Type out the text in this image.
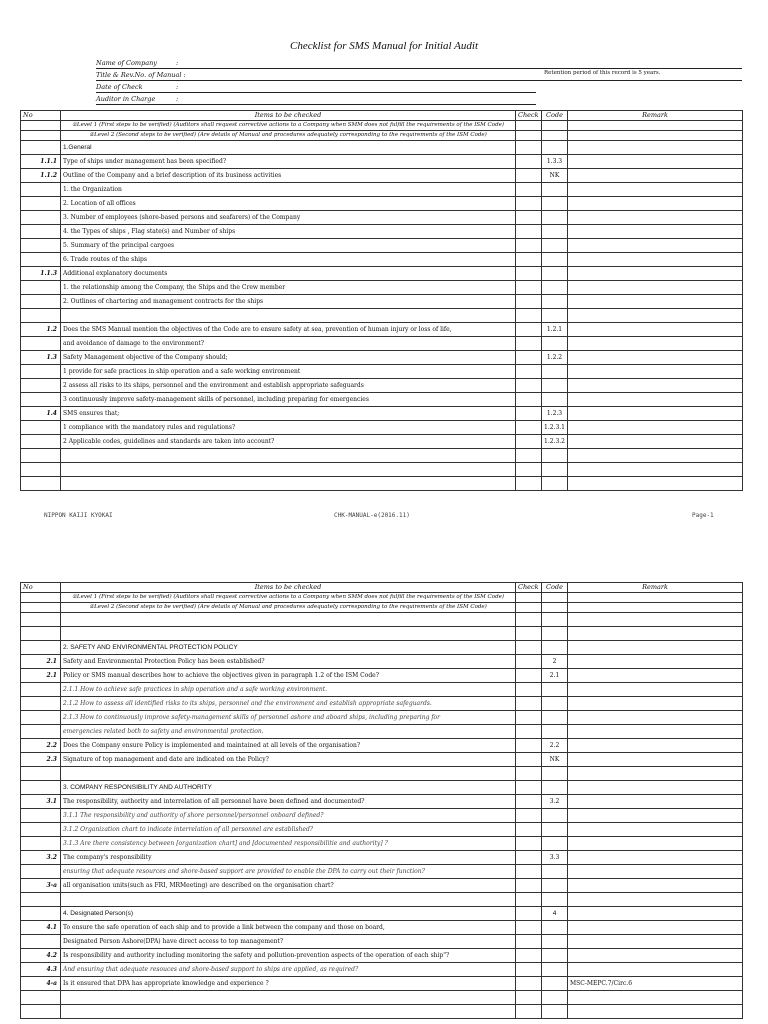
Checklist for SMS Manual for Initial Audit
Name of Company	:
Title & Rev.No. of Manual :
Date of Check	:
Auditor in Charge	:
Retention period of this record is 5 years.
No	Items to be checked	Check	Code	Remark
	①Level 1 (First steps to be verified) (Auditors shall request corrective actions to a Company when SMM does not fulfill the requirements of the ISM Code)			
	②Level 2 (Second steps to be verified) (Are details of Manual and procedures adequately corresponding to the requirements of the ISM Code)			
	1.General			
1.1.1	Type of ships under management has been specified?		1.3.3	
1.1.2	Outline of the Company and a brief description of its business activities		NK	
	1. the Organization			
	2. Location of all offices			
	3. Number of employees (shore-based persons and seafarers) of the Company			
	4. the Types of ships , Flag state(s) and Number of ships			
	5. Summary of the principal cargoes			
	6. Trade routes of the ships			
1.1.3	Additional explanatory documents			
	1. the relationship among the Company, the Ships and the Crew member			
	2. Outlines of chartering and management contracts for the ships			

1.2	Does the SMS Manual mention the objectives of the Code are to ensure safety at sea, prevention of human injury or loss of life,		1.2.1	
	and avoidance of damage to the environment?			
1.3	Safety Management objective of the Company should;		1.2.2	
	1 provide for safe practices in ship operation and a safe working environment			
	2 assess all risks to its ships, personnel and the environment and establish appropriate safeguards			
	3 continuously improve safety-management skills of personnel, including preparing for emergencies			
1.4	SMS ensures that;		1.2.3	
	1 compliance with the mandatory rules and regulations?		1.2.3.1	
	2 Applicable codes, guidelines and standards are taken into account?		1.2.3.2	

NIPPON KAIJI KYOKAI	CHK-MANUAL-e(2016.11)	Page-1
No	Items to be checked	Check	Code	Remark
	①Level 1 (First steps to be verified) (Auditors shall request corrective actions to a Company when SMM does not fulfill the requirements of the ISM Code)			
	②Level 2 (Second steps to be verified) (Are details of Manual and procedures adequately corresponding to the requirements of the ISM Code)			

	2. SAFETY AND ENVIRONMENTAL PROTECTION POLICY			
2.1	Safety and Environmental Protection Policy has been established?		2	
2.1	Policy or SMS manual describes how to achieve the objectives given in paragraph 1.2 of the ISM Code?		2.1	
	2.1.1 How to achieve safe practices in ship operation and a safe working environment.			
	2.1.2 How to assess all identified risks to its ships, personnel and the environment and establish appropriate safeguards.			
	2.1.3 How to continuously improve safety-management skills of personnel ashore and aboard ships, including preparing for			
	emergencies related both to safety and environmental protection.			
2.2	Does the Company ensure Policy is implemented and maintained at all levels of the organisation?		2.2	
2.3	Signature of top management and date are indicated on the Policy?		NK	

	3. COMPANY RESPONSIBILITY AND AUTHORITY			
3.1	The responsibility, authority and interrelation of all personnel have been defined and documented?		3.2	
	3.1.1 The responsibility and authority of shore personnel/personnel onboard defined?			
	3.1.2 Organization chart to indicate interrelation of all personnel are established?			
	3.1.3 Are there consistency between [organization chart] and [documented responsibilitie and authority] ?			
3.2	The company's responsibility		3.3	
	ensuring that adequate resources and shore-based support are provided to enable the DPA to carry out their function?			
3-a	all organisation units(such as FRI, MRMeeting) are described on the organisation chart?			

	4. Designated Person(s)		4	
4.1	To ensure the safe operation of each ship and to provide a link between the company and those on board,			
	Designated Person Ashore(DPA) have direct access to top management?			
4.2	Is responsibility and authority including monitoring the safety and pollution-prevention aspects of the operation of each ship"?			
4.3	And ensuring that adequate resouces and shore-based support to ships are applied, as required?			
4-a	Is it ensured that DPA has appropriate knowledge and experience ?			MSC-MEPC.7/Circ.6
